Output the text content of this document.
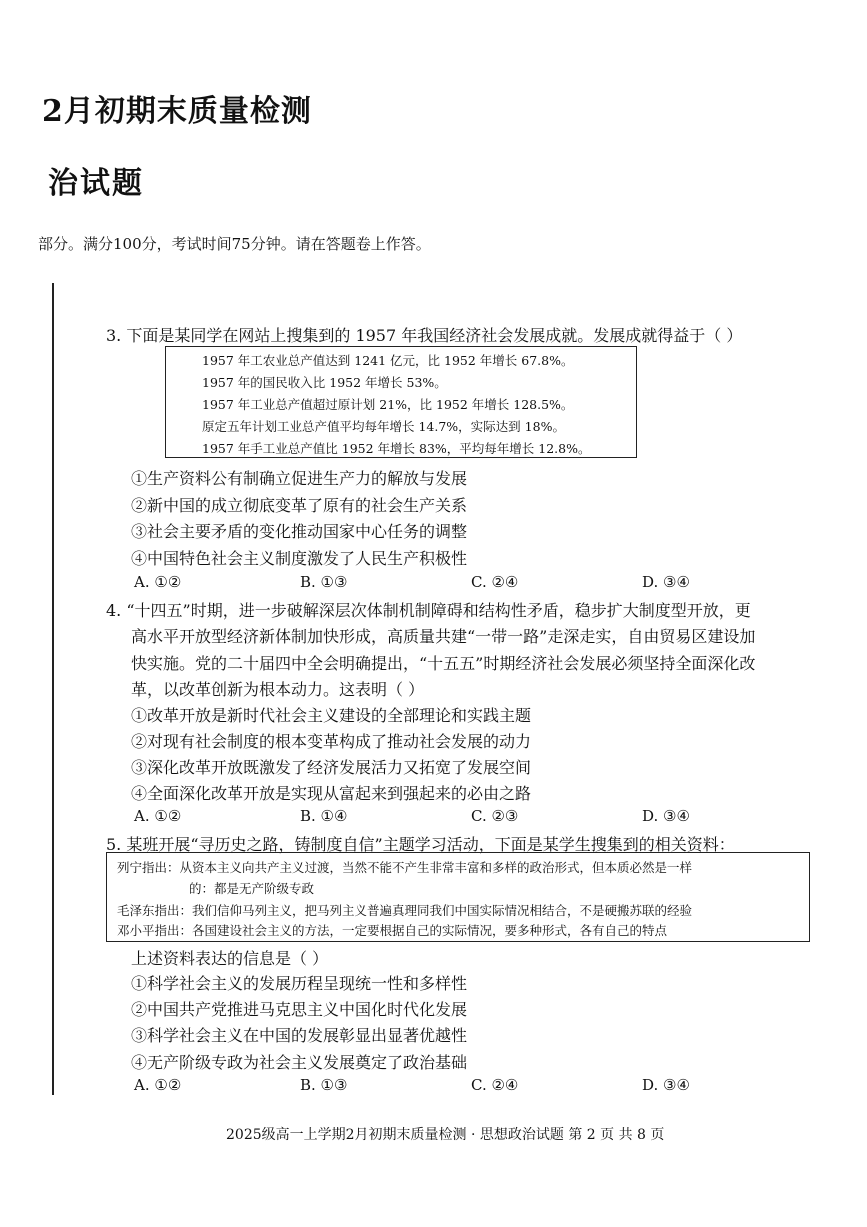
2月初期末质量检测
治试题
部分。满分100分，考试时间75分钟。请在答题卷上作答。
3. 下面是某同学在网站上搜集到的 1957 年我国经济社会发展成就。发展成就得益于（ ）
1957 年工农业总产值达到 1241 亿元，比 1952 年增长 67.8%。
1957 年的国民收入比 1952 年增长 53%。
1957 年工业总产值超过原计划 21%，比 1952 年增长 128.5%。
原定五年计划工业总产值平均每年增长 14.7%，实际达到 18%。
1957 年手工业总产值比 1952 年增长 83%，平均每年增长 12.8%。
①生产资料公有制确立促进生产力的解放与发展
②新中国的成立彻底变革了原有的社会生产关系
③社会主要矛盾的变化推动国家中心任务的调整
④中国特色社会主义制度激发了人民生产积极性
A. ①②	B. ①③	C. ②④	D. ③④
4. “十四五”时期，进一步破解深层次体制机制障碍和结构性矛盾，稳步扩大制度型开放，更
高水平开放型经济新体制加快形成，高质量共建“一带一路”走深走实，自由贸易区建设加
快实施。党的二十届四中全会明确提出，“十五五”时期经济社会发展必须坚持全面深化改
革，以改革创新为根本动力。这表明（ ）
①改革开放是新时代社会主义建设的全部理论和实践主题
②对现有社会制度的根本变革构成了推动社会发展的动力
③深化改革开放既激发了经济发展活力又拓宽了发展空间
④全面深化改革开放是实现从富起来到强起来的必由之路
A. ①②	B. ①④	C. ②③	D. ③④
5. 某班开展“寻历史之路，铸制度自信”主题学习活动，下面是某学生搜集到的相关资料：
列宁指出：从资本主义向共产主义过渡，当然不能不产生非常丰富和多样的政治形式，但本质必然是一样
的：都是无产阶级专政
毛泽东指出：我们信仰马列主义，把马列主义普遍真理同我们中国实际情况相结合，不是硬搬苏联的经验
邓小平指出：各国建设社会主义的方法，一定要根据自己的实际情况，要多种形式，各有自己的特点
上述资料表达的信息是（ ）
①科学社会主义的发展历程呈现统一性和多样性
②中国共产党推进马克思主义中国化时代化发展
③科学社会主义在中国的发展彰显出显著优越性
④无产阶级专政为社会主义发展奠定了政治基础
A. ①②	B. ①③	C. ②④	D. ③④
2025级高一上学期2月初期末质量检测 · 思想政治试题 第 2 页 共 8 页
